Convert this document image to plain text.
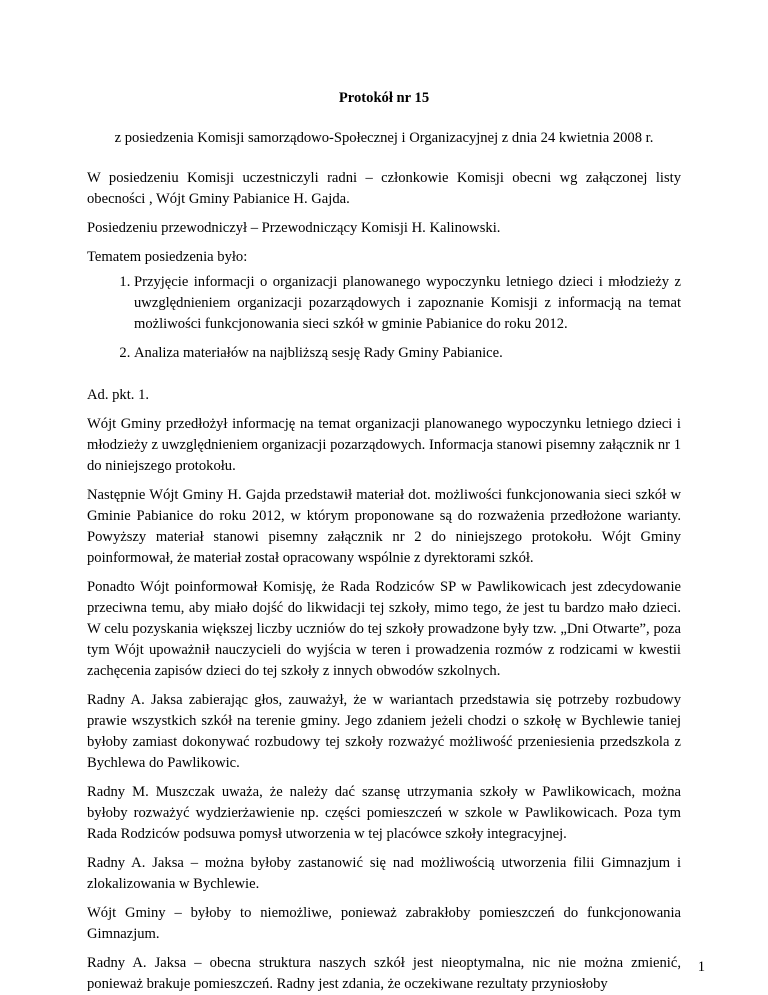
Protokół nr 15

z posiedzenia Komisji samorządowo-Społecznej i Organizacyjnej z dnia 24 kwietnia 2008 r.

W posiedzeniu Komisji uczestniczyli radni – członkowie Komisji obecni wg załączonej listy obecności , Wójt Gminy Pabianice H. Gajda.

Posiedzeniu przewodniczył – Przewodniczący Komisji H. Kalinowski.

Tematem posiedzenia było:

1. Przyjęcie informacji o organizacji planowanego wypoczynku letniego dzieci i młodzieży z uwzględnieniem organizacji pozarządowych i zapoznanie Komisji z informacją na temat możliwości funkcjonowania sieci szkół w gminie Pabianice do roku 2012.
2. Analiza materiałów na najbliższą sesję Rady Gminy Pabianice.

Ad. pkt. 1.

Wójt Gminy przedłożył informację na temat organizacji planowanego wypoczynku letniego dzieci i młodzieży z uwzględnieniem organizacji pozarządowych. Informacja stanowi pisemny załącznik nr 1 do niniejszego protokołu.

Następnie Wójt Gminy H. Gajda przedstawił materiał dot. możliwości funkcjonowania sieci szkół w Gminie Pabianice do roku 2012, w którym proponowane są do rozważenia przedłożone warianty. Powyższy materiał stanowi pisemny załącznik nr 2 do niniejszego protokołu. Wójt Gminy poinformował, że materiał został opracowany wspólnie z dyrektorami szkół.

Ponadto Wójt poinformował Komisję, że Rada Rodziców SP w Pawlikowicach jest zdecydowanie przeciwna temu, aby miało dojść do likwidacji tej szkoły, mimo tego, że jest tu bardzo mało dzieci. W celu pozyskania większej liczby uczniów do tej szkoły prowadzone były tzw. „Dni Otwarte”, poza tym Wójt upoważnił nauczycieli do wyjścia w teren i prowadzenia rozmów z rodzicami w kwestii zachęcenia zapisów dzieci do tej szkoły z innych obwodów szkolnych.

Radny A. Jaksa zabierając głos, zauważył, że w wariantach przedstawia się potrzeby rozbudowy prawie wszystkich szkół na terenie gminy. Jego zdaniem jeżeli chodzi o szkołę w Bychlewie taniej byłoby zamiast dokonywać rozbudowy tej szkoły rozważyć możliwość przeniesienia przedszkola z Bychlewa do Pawlikowic.

Radny M. Muszczak uważa, że należy dać szansę utrzymania szkoły w Pawlikowicach, można byłoby rozważyć wydzierżawienie np. części pomieszczeń w szkole w Pawlikowicach. Poza tym Rada Rodziców podsuwa pomysł utworzenia w tej placówce szkoły integracyjnej.

Radny A. Jaksa – można byłoby zastanowić się nad możliwością utworzenia filii Gimnazjum i zlokalizowania w Bychlewie.

Wójt Gminy – byłoby to niemożliwe, ponieważ zabrakłoby pomieszczeń do funkcjonowania Gimnazjum.

Radny A. Jaksa – obecna struktura naszych szkół jest nieoptymalna, nic nie można zmienić, ponieważ brakuje pomieszczeń. Radny jest zdania, że oczekiwane rezultaty przyniosłoby

1
